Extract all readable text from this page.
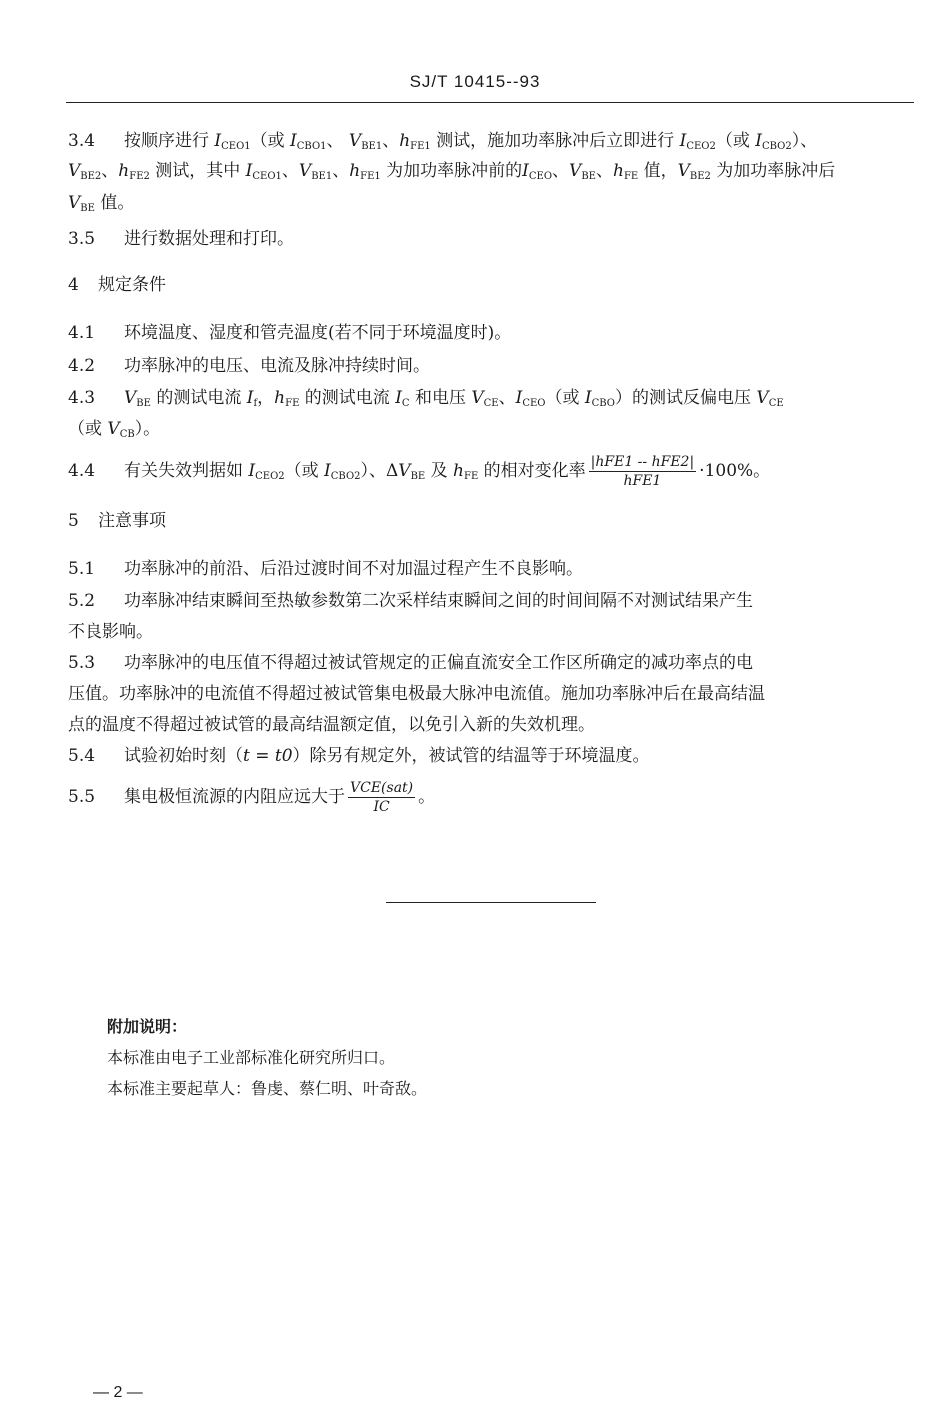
SJ/T 10415--93
3.4 按顺序进行 $I_{CEO1}$（或 $I_{CBO1}$、 $V_{BE1}$、$h_{FE1}$ 测试，施加功率脉冲后立即进行 $I_{CEO2}$（或 $I_{CBO2}$）、
$V_{BE2}$、$h_{FE2}$ 测试，其中 $I_{CEO1}$、$V_{BE1}$、$h_{FE1}$ 为加功率脉冲前的$I_{CEO}$、$V_{BE}$、$h_{FE}$ 值，$V_{BE2}$ 为加功率脉冲后
$V_{BE}$ 值。
3.5 进行数据处理和打印。
4 规定条件
4.1 环境温度、湿度和管壳温度(若不同于环境温度时)。
4.2 功率脉冲的电压、电流及脉冲持续时间。
4.3 $V_{BE}$ 的测试电流 $I_f$，$h_{FE}$ 的测试电流 $I_C$ 和电压 $V_{CE}$、$I_{CEO}$（或 $I_{CBO}$）的测试反偏电压 $V_{CE}$
（或 $V_{CB}$）。
4.4 有关失效判据如 $I_{CEO2}$（或 $I_{CBO2}$）、$\Delta V_{BE}$ 及 $h_{FE}$ 的相对变化率 $\frac{\text{|hFE1 -- hFE2|}}{\text{hFE1}} \cdot 100\%$。
5 注意事项
5.1 功率脉冲的前沿、后沿过渡时间不对加温过程产生不良影响。
5.2 功率脉冲结束瞬间至热敏参数第二次采样结束瞬间之间的时间间隔不对测试结果产生
不良影响。
5.3 功率脉冲的电压值不得超过被试管规定的正偏直流安全工作区所确定的减功率点的电
压值。功率脉冲的电流值不得超过被试管集电极最大脉冲电流值。施加功率脉冲后在最高结温
点的温度不得超过被试管的最高结温额定值，以免引入新的失效机理。
5.4 试验初始时刻（t = t0）除另有规定外，被试管的结温等于环境温度。
5.5 集电极恒流源的内阻应远大于 $\frac{\text{VCE(sat)}}{IC}$ 。
附加说明：
本标准由电子工业部标准化研究所归口。
本标准主要起草人：鲁虔、蔡仁明、叶奇敌。
— 2 —
